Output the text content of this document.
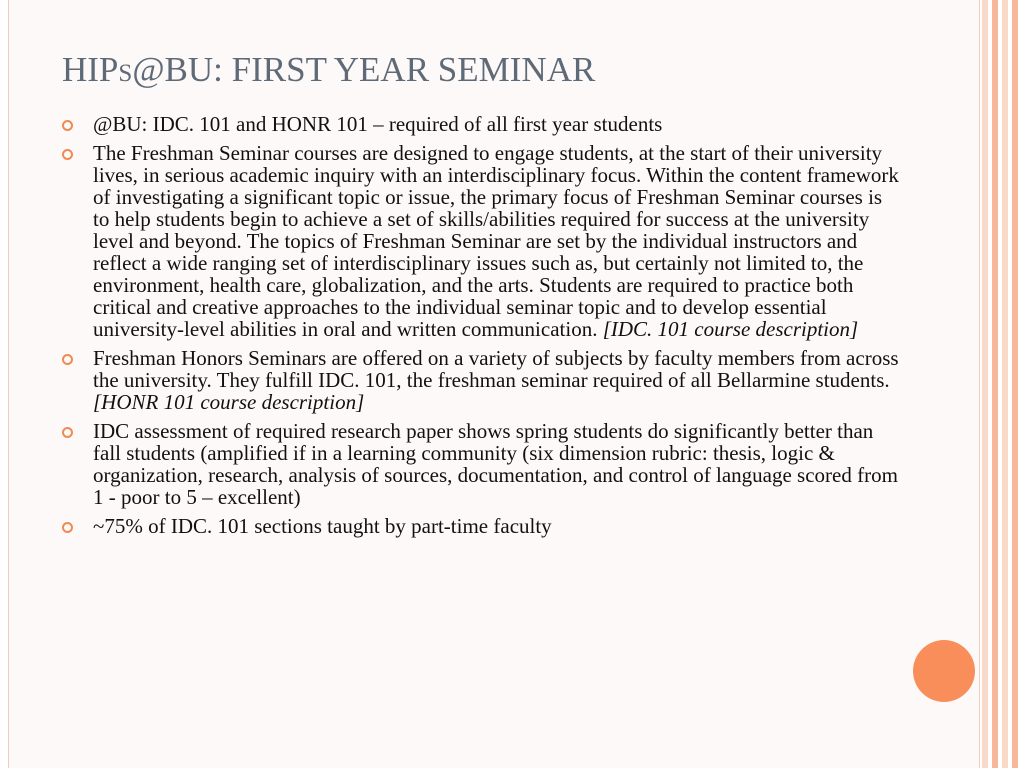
HIPS@BU: FIRST YEAR SEMINAR
@BU: IDC. 101 and HONR 101 – required of all first year students
The Freshman Seminar courses are designed to engage students, at the start of their university lives, in serious academic inquiry with an interdisciplinary focus. Within the content framework of investigating a significant topic or issue, the primary focus of Freshman Seminar courses is to help students begin to achieve a set of skills/abilities required for success at the university level and beyond. The topics of Freshman Seminar are set by the individual instructors and reflect a wide ranging set of interdisciplinary issues such as, but certainly not limited to, the environment, health care, globalization, and the arts. Students are required to practice both critical and creative approaches to the individual seminar topic and to develop essential university-level abilities in oral and written communication. [IDC. 101 course description]
Freshman Honors Seminars are offered on a variety of subjects by faculty members from across the university. They fulfill IDC. 101, the freshman seminar required of all Bellarmine students. [HONR 101 course description]
IDC assessment of required research paper shows spring students do significantly better than fall students (amplified if in a learning community (six dimension rubric: thesis, logic & organization, research, analysis of sources, documentation, and control of language scored from 1 - poor to 5 – excellent)
~75% of IDC. 101 sections taught by part-time faculty
